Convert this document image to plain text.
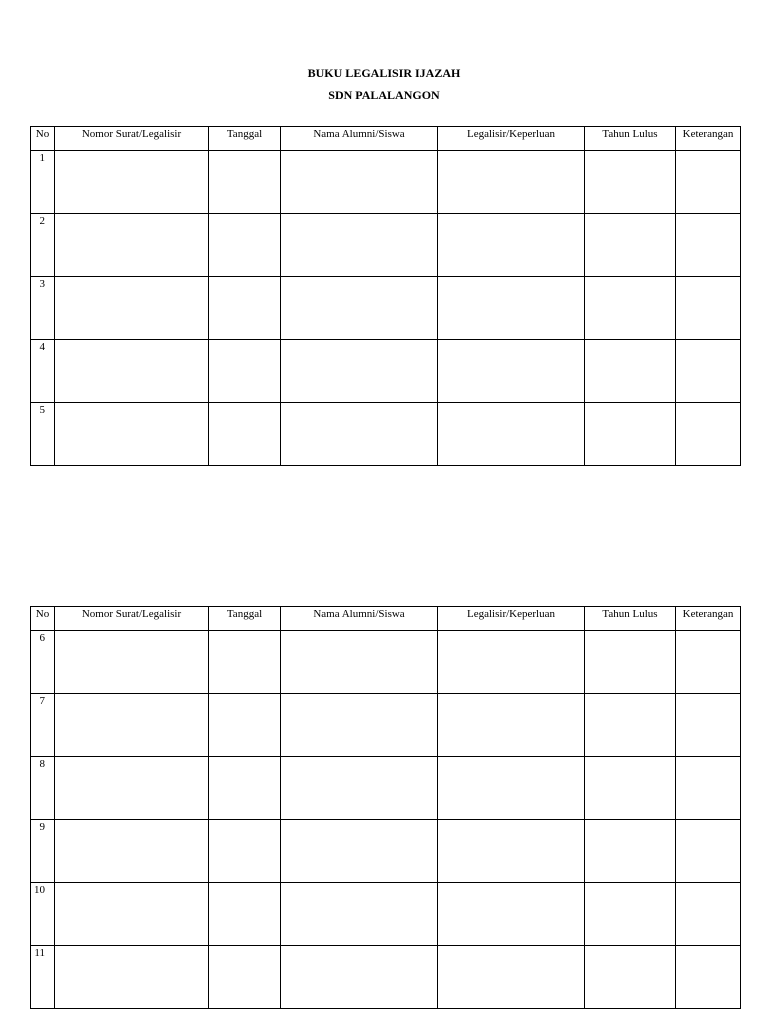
BUKU LEGALISIR IJAZAH
SDN PALALANGON
No	Nomor Surat/Legalisir	Tanggal	Nama Alumni/Siswa	Legalisir/Keperluan	Tahun Lulus	Keterangan
1						
2						
3						
4						
5						
No	Nomor Surat/Legalisir	Tanggal	Nama Alumni/Siswa	Legalisir/Keperluan	Tahun Lulus	Keterangan
6						
7						
8						
9						
10						
11						
